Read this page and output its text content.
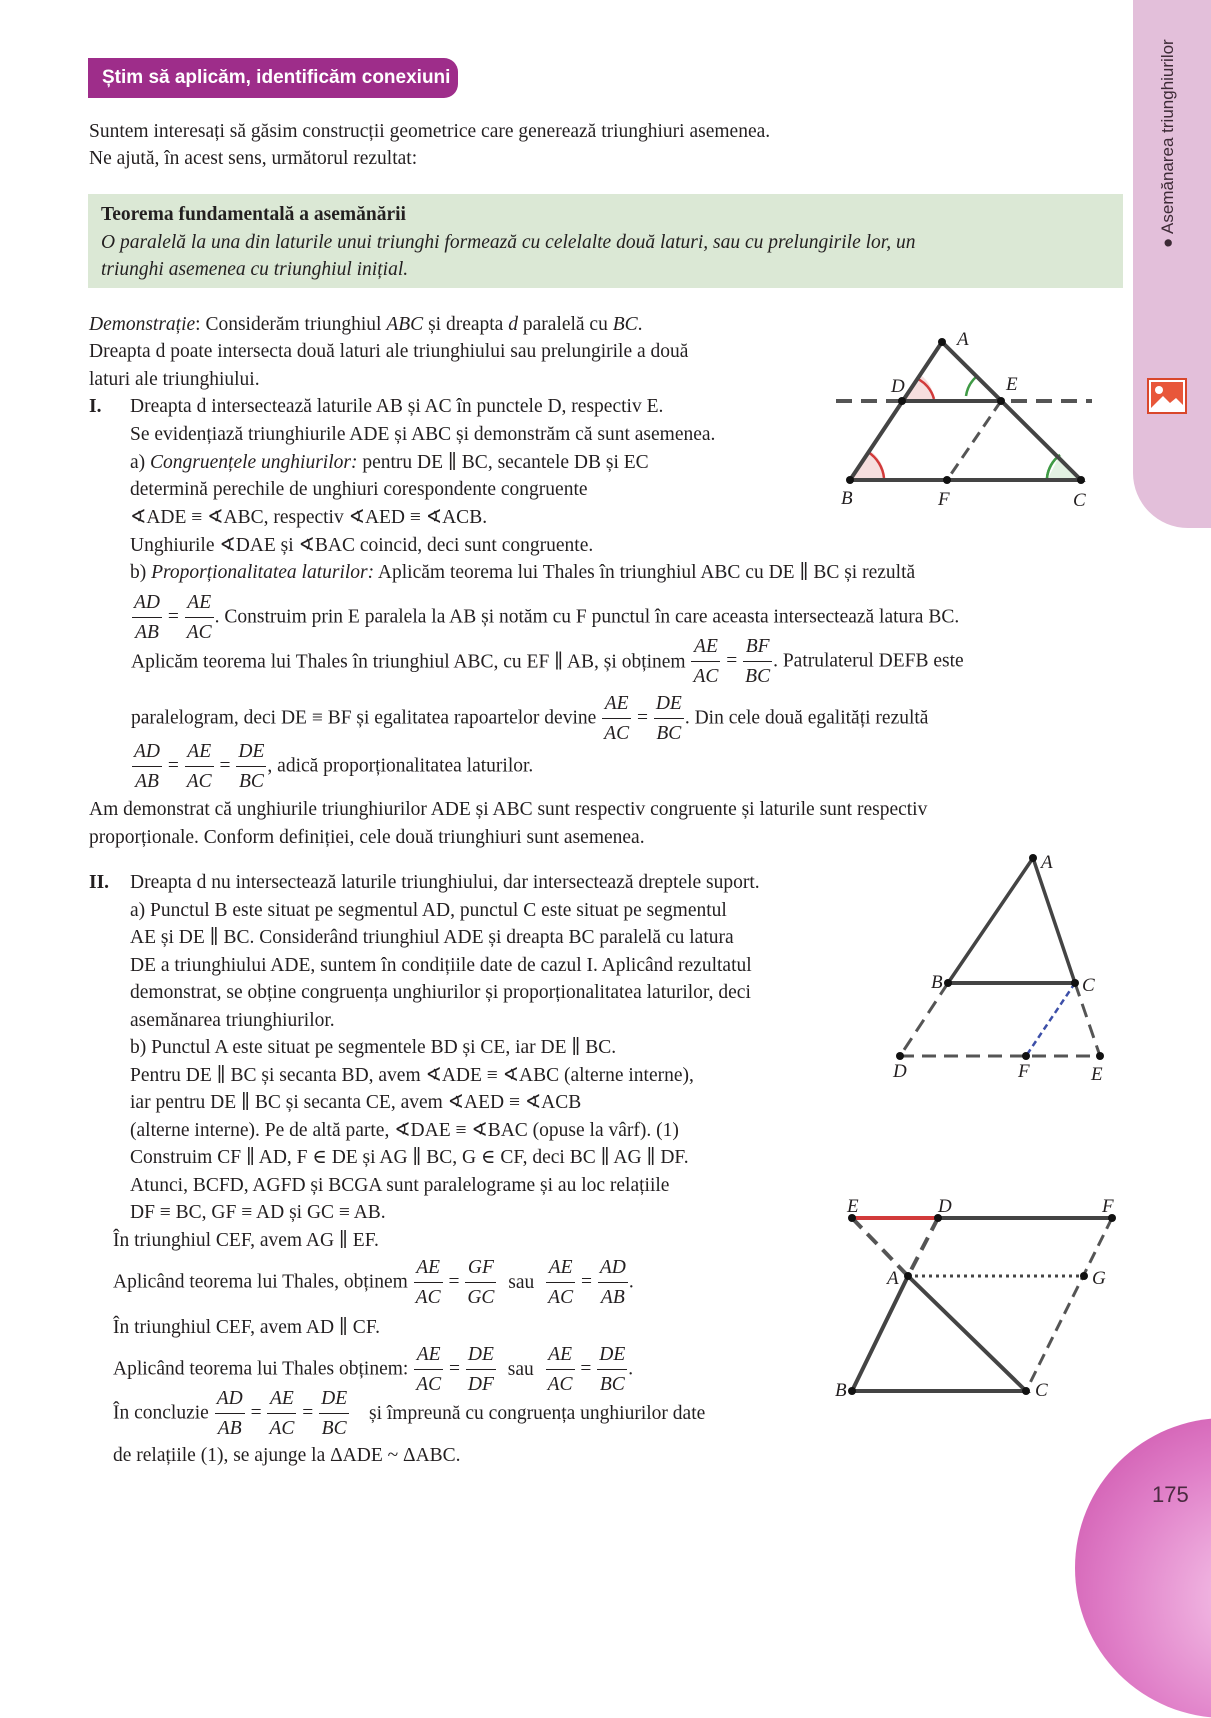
● Asemănarea triunghiurilor
Știm să aplicăm, identificăm conexiuni
Suntem interesați să găsim construcții geometrice care generează triunghiuri asemenea.
Ne ajută, în acest sens, următorul rezultat:
Teorema fundamentală a asemănării
O paralelă la una din laturile unui triunghi formează cu celelalte două laturi, sau cu prelungirile lor, un
triunghi asemenea cu triunghiul inițial.
Demonstrație: Considerăm triunghiul ABC și dreapta d paralelă cu BC.
Dreapta d poate intersecta două laturi ale triunghiului sau prelungirile a două
laturi ale triunghiului.
I. Dreapta d intersectează laturile AB și AC în punctele D, respectiv E.
Se evidențiază triunghiurile ADE și ABC și demonstrăm că sunt asemenea.
a) Congruențele unghiurilor: pentru DE ∥ BC, secantele DB și EC
determină perechile de unghiuri corespondente congruente
∢ADE ≡ ∢ABC, respectiv ∢AED ≡ ∢ACB.
Unghiurile ∢DAE și ∢BAC coincid, deci sunt congruente.
b) Proporționalitatea laturilor: Aplicăm teorema lui Thales în triunghiul ABC cu DE ∥ BC și rezultă
$\frac{AD}{AB} = \frac{AE}{AC}$ . Construim prin E paralela la AB și notăm cu F punctul în care aceasta intersectează latura BC.
Aplicăm teorema lui Thales în triunghiul ABC, cu EF ∥ AB, și obținem $\frac{AE}{AC} = \frac{BF}{BC}$ . Patrulaterul DEFB este
paralelogram, deci DE ≡ BF și egalitatea rapoartelor devine $\frac{AE}{AC} = \frac{DE}{BC}$ . Din cele două egalități rezultă
$\frac{AD}{AB} = \frac{AE}{AC} = \frac{DE}{BC}$ , adică proporționalitatea laturilor.
Am demonstrat că unghiurile triunghiurilor ADE și ABC sunt respectiv congruente și laturile sunt respectiv
proporționale. Conform definiției, cele două triunghiuri sunt asemenea.
II. Dreapta d nu intersectează laturile triunghiului, dar intersectează dreptele suport.
a) Punctul B este situat pe segmentul AD, punctul C este situat pe segmentul
AE și DE ∥ BC. Considerând triunghiul ADE și dreapta BC paralelă cu latura
DE a triunghiului ADE, suntem în condițiile date de cazul I. Aplicând rezultatul
demonstrat, se obține congruența unghiurilor și proporționalitatea laturilor, deci
asemănarea triunghiurilor.
b) Punctul A este situat pe segmentele BD și CE, iar DE ∥ BC.
Pentru DE ∥ BC și secanta BD, avem ∢ADE ≡ ∢ABC (alterne interne),
iar pentru DE ∥ BC și secanta CE, avem ∢AED ≡ ∢ACB
(alterne interne). Pe de altă parte, ∢DAE ≡ ∢BAC (opuse la vârf). (1)
Construim CF ∥ AD, F ∈ DE și AG ∥ BC, G ∈ CF, deci BC ∥ AG ∥ DF.
Atunci, BCFD, AGFD și BCGA sunt paralelograme și au loc relațiile
DF ≡ BC, GF ≡ AD și GC ≡ AB.
În triunghiul CEF, avem AG ∥ EF.
Aplicând teorema lui Thales, obținem $\frac{AE}{AC} = \frac{GF}{GC}$ sau $\frac{AE}{AC} = \frac{AD}{AB}$ .
În triunghiul CEF, avem AD ∥ CF.
Aplicând teorema lui Thales obținem: $\frac{AE}{AC} = \frac{DE}{DF}$ sau $\frac{AE}{AC} = \frac{DE}{BC}$ .
În concluzie $\frac{AD}{AB} = \frac{AE}{AC} = \frac{DE}{BC}$ și împreună cu congruența unghiurilor date
de relațiile (1), se ajunge la ΔADE ~ ΔABC.
A
D	E
B	F	C
A
B	C
D	F	E
E	D	F
A	G
B	C
175
